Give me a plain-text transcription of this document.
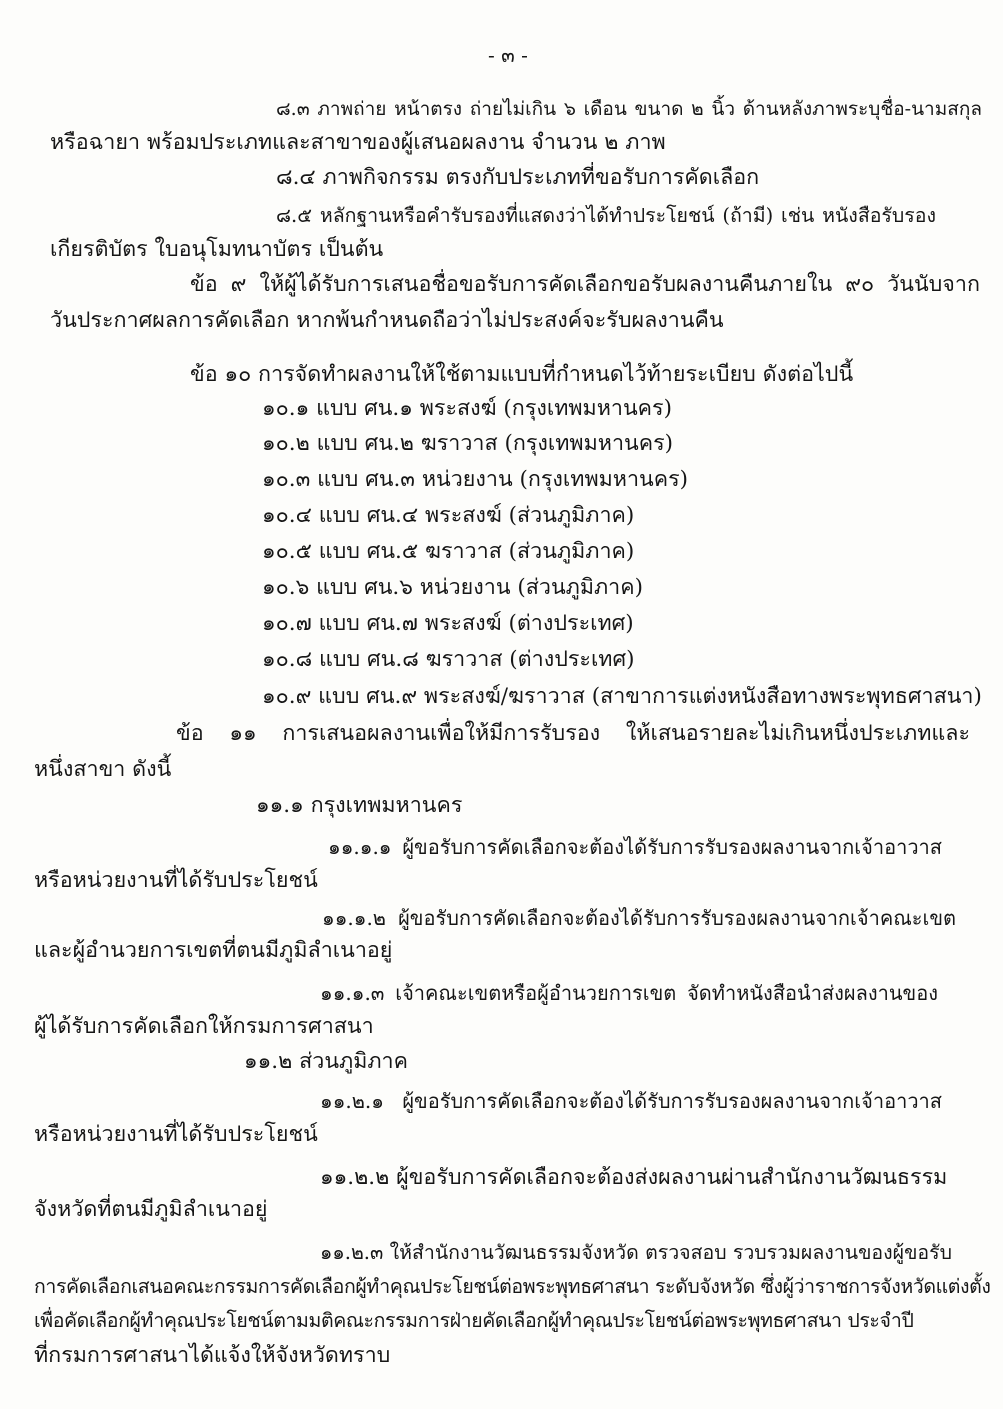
- ๓ -
๘.๓ ภาพถ่าย หน้าตรง ถ่ายไม่เกิน ๖ เดือน ขนาด ๒ นิ้ว ด้านหลังภาพระบุชื่อ-นามสกุล
หรือฉายา พร้อมประเภทและสาขาของผู้เสนอผลงาน จำนวน ๒ ภาพ
๘.๔ ภาพกิจกรรม ตรงกับประเภทที่ขอรับการคัดเลือก
๘.๕ หลักฐานหรือคำรับรองที่แสดงว่าได้ทำประโยชน์ (ถ้ามี) เช่น หนังสือรับรอง
เกียรติบัตร ใบอนุโมทนาบัตร เป็นต้น
ข้อ ๙ ให้ผู้ได้รับการเสนอชื่อขอรับการคัดเลือกขอรับผลงานคืนภายใน ๙๐ วันนับจาก
วันประกาศผลการคัดเลือก หากพ้นกำหนดถือว่าไม่ประสงค์จะรับผลงานคืน
ข้อ ๑๐ การจัดทำผลงานให้ใช้ตามแบบที่กำหนดไว้ท้ายระเบียบ ดังต่อไปนี้
๑๐.๑ แบบ ศน.๑ พระสงฆ์ (กรุงเทพมหานคร)
๑๐.๒ แบบ ศน.๒ ฆราวาส (กรุงเทพมหานคร)
๑๐.๓ แบบ ศน.๓ หน่วยงาน (กรุงเทพมหานคร)
๑๐.๔ แบบ ศน.๔ พระสงฆ์ (ส่วนภูมิภาค)
๑๐.๕ แบบ ศน.๕ ฆราวาส (ส่วนภูมิภาค)
๑๐.๖ แบบ ศน.๖ หน่วยงาน (ส่วนภูมิภาค)
๑๐.๗ แบบ ศน.๗ พระสงฆ์ (ต่างประเทศ)
๑๐.๘ แบบ ศน.๘ ฆราวาส (ต่างประเทศ)
๑๐.๙ แบบ ศน.๙ พระสงฆ์/ฆราวาส (สาขาการแต่งหนังสือทางพระพุทธศาสนา)
ข้อ ๑๑ การเสนอผลงานเพื่อให้มีการรับรอง ให้เสนอรายละไม่เกินหนึ่งประเภทและ
หนึ่งสาขา ดังนี้
๑๑.๑ กรุงเทพมหานคร
๑๑.๑.๑ ผู้ขอรับการคัดเลือกจะต้องได้รับการรับรองผลงานจากเจ้าอาวาส
หรือหน่วยงานที่ได้รับประโยชน์
๑๑.๑.๒ ผู้ขอรับการคัดเลือกจะต้องได้รับการรับรองผลงานจากเจ้าคณะเขต
และผู้อำนวยการเขตที่ตนมีภูมิลำเนาอยู่
๑๑.๑.๓ เจ้าคณะเขตหรือผู้อำนวยการเขต จัดทำหนังสือนำส่งผลงานของ
ผู้ได้รับการคัดเลือกให้กรมการศาสนา
๑๑.๒ ส่วนภูมิภาค
๑๑.๒.๑ ผู้ขอรับการคัดเลือกจะต้องได้รับการรับรองผลงานจากเจ้าอาวาส
หรือหน่วยงานที่ได้รับประโยชน์
๑๑.๒.๒ ผู้ขอรับการคัดเลือกจะต้องส่งผลงานผ่านสำนักงานวัฒนธรรม
จังหวัดที่ตนมีภูมิลำเนาอยู่
๑๑.๒.๓ ให้สำนักงานวัฒนธรรมจังหวัด ตรวจสอบ รวบรวมผลงานของผู้ขอรับ
การคัดเลือกเสนอคณะกรรมการคัดเลือกผู้ทำคุณประโยชน์ต่อพระพุทธศาสนา ระดับจังหวัด ซึ่งผู้ว่าราชการจังหวัดแต่งตั้ง
เพื่อคัดเลือกผู้ทำคุณประโยชน์ตามมติคณะกรรมการฝ่ายคัดเลือกผู้ทำคุณประโยชน์ต่อพระพุทธศาสนา ประจำปี
ที่กรมการศาสนาได้แจ้งให้จังหวัดทราบ
